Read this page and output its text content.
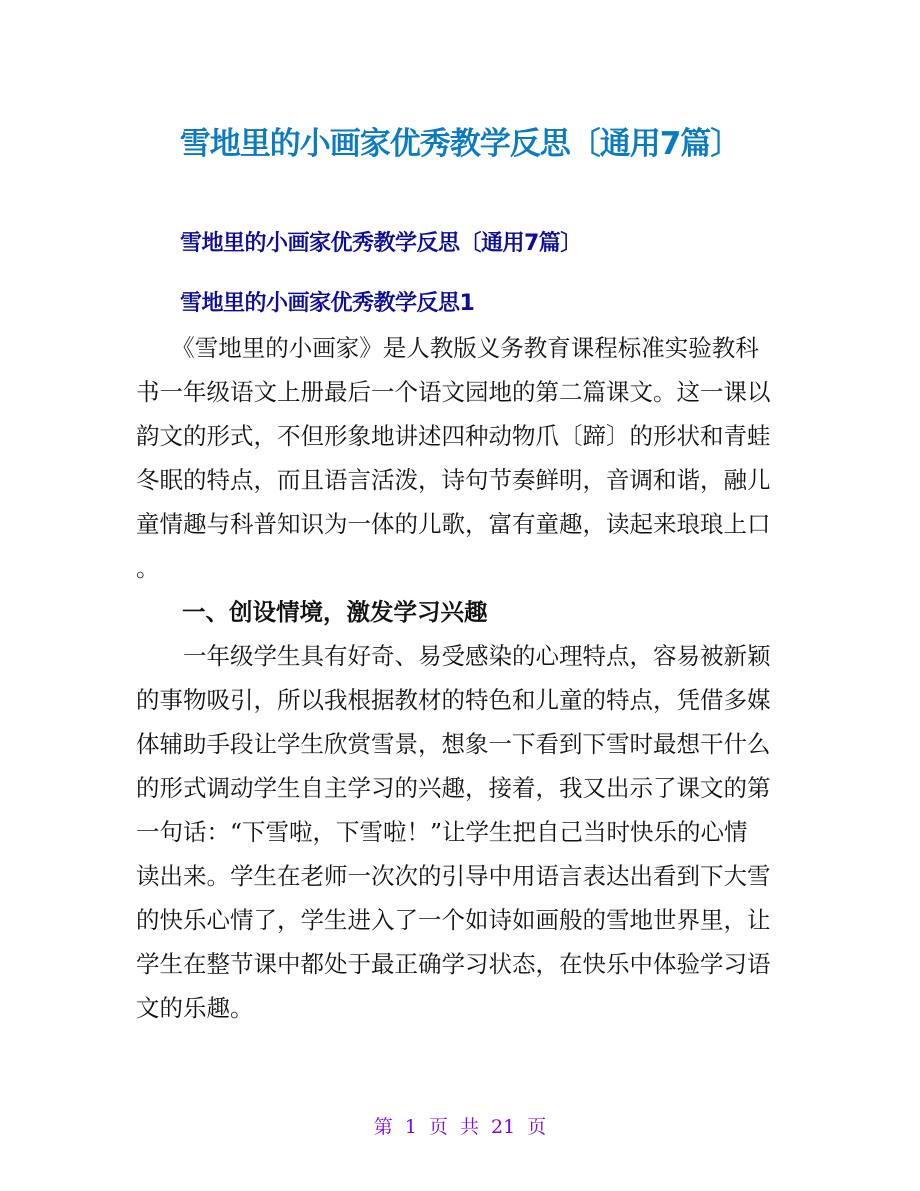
雪地里的小画家优秀教学反思〔通用7篇〕
雪地里的小画家优秀教学反思〔通用7篇〕
雪地里的小画家优秀教学反思1
　　《雪地里的小画家》是人教版义务教育课程标准实验教科
书一年级语文上册最后一个语文园地的第二篇课文。这一课以
韵文的形式，不但形象地讲述四种动物爪〔蹄〕的形状和青蛙
冬眠的特点，而且语言活泼，诗句节奏鲜明，音调和谐，融儿
童情趣与科普知识为一体的儿歌，富有童趣，读起来琅琅上口
。
一、创设情境，激发学习兴趣
　　一年级学生具有好奇、易受感染的心理特点，容易被新颖
的事物吸引，所以我根据教材的特色和儿童的特点，凭借多媒
体辅助手段让学生欣赏雪景，想象一下看到下雪时最想干什么
的形式调动学生自主学习的兴趣，接着，我又出示了课文的第
一句话：“下雪啦，下雪啦！”让学生把自己当时快乐的心情
读出来。学生在老师一次次的引导中用语言表达出看到下大雪
的快乐心情了，学生进入了一个如诗如画般的雪地世界里，让
学生在整节课中都处于最正确学习状态，在快乐中体验学习语
文的乐趣。
第 1 页 共 21 页
